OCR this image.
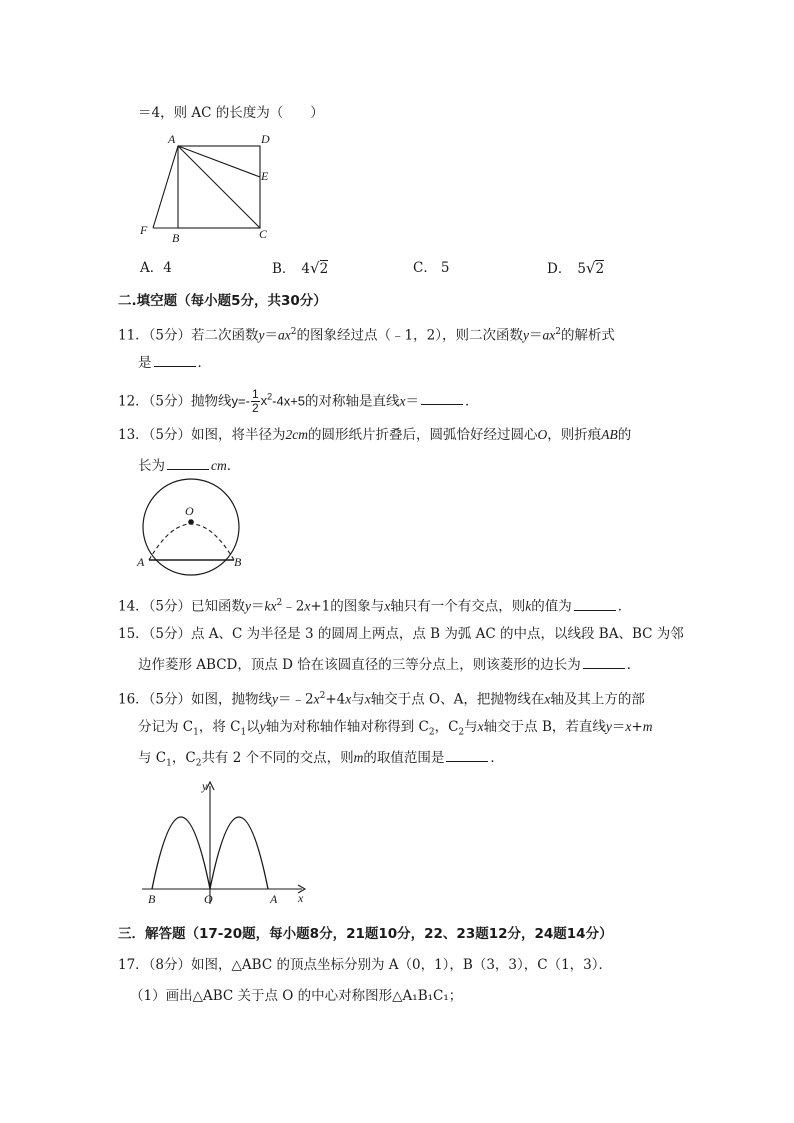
＝4，则 AC 的长度为（　　）
A	D
E
F
B	C
A．4	B． 4√2	C． 5	D． 5√2
二.填空题（每小题5分，共30分）
11．（5分）若二次函数$y=ax^2$的图象经过点（﹣1，2），则二次函数$y=ax^2$的解析式
是	．
12．（5分）抛物线$y=- \frac{1}{2} x^2-4x+5$的对称轴是直线x＝	．
13．（5分）如图，将半径为2cm的圆形纸片折叠后，圆弧恰好经过圆心O，则折痕AB的
长为	cm．
O
A	B
14．（5分）已知函数$y=kx^2﹣2x+1$的图象与x轴只有一个有交点，则k的值为	．
15．（5分）点 A、C 为半径是 3 的圆周上两点，点 B 为弧 AC 的中点，以线段 BA、BC 为邻
边作菱形 ABCD，顶点 D 恰在该圆直径的三等分点上，则该菱形的边长为	．
16．（5分）如图，抛物线$y=﹣2x^2+4x$与x轴交于点 O、A，把抛物线在x轴及其上方的部
分记为 $C_1$，将 $C_1$以y轴为对称轴作轴对称得到 $C_2$，$C_2$与x轴交于点 B，若直线y＝x+m
与 $C_1$，$C_2$共有 2 个不同的交点，则m的取值范围是	．
y
x
B	O	A
三．解答题（17-20题，每小题8分，21题10分，22、23题12分，24题14分）
17．（8分）如图，△ABC 的顶点坐标分别为 A（0，1），B（3，3），C（1，3）．
（1）画出△ABC 关于点 O 的中心对称图形△A₁B₁C₁；
